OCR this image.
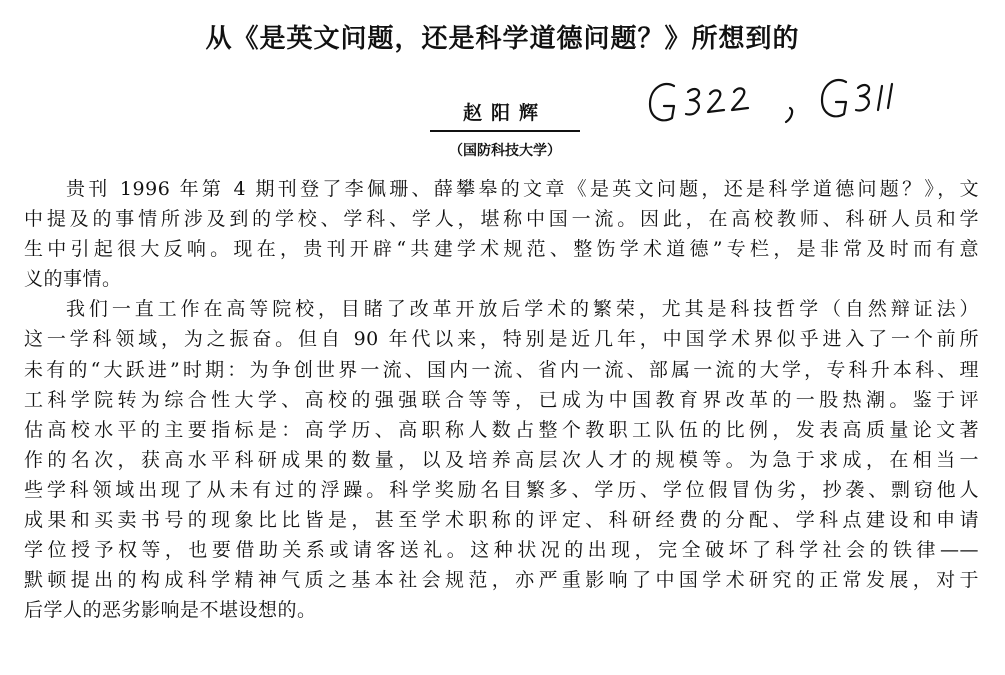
从《是英文问题，还是科学道德问题？》所想到的
赵阳辉
（国防科技大学）
贵刊 1996 年第 4 期刊登了李佩珊、薛攀皋的文章《是英文问题，还是科学道德问题？》，文
中提及的事情所涉及到的学校、学科、学人，堪称中国一流。因此，在高校教师、科研人员和学
生中引起很大反响。现在，贵刊开辟“共建学术规范、整饬学术道德”专栏，是非常及时而有意
义的事情。
我们一直工作在高等院校，目睹了改革开放后学术的繁荣，尤其是科技哲学（自然辩证法）
这一学科领域，为之振奋。但自 90 年代以来，特别是近几年，中国学术界似乎进入了一个前所
未有的“大跃进”时期：为争创世界一流、国内一流、省内一流、部属一流的大学，专科升本科、理
工科学院转为综合性大学、高校的强强联合等等，已成为中国教育界改革的一股热潮。鉴于评
估高校水平的主要指标是：高学历、高职称人数占整个教职工队伍的比例，发表高质量论文著
作的名次，获高水平科研成果的数量，以及培养高层次人才的规模等。为急于求成，在相当一
些学科领域出现了从未有过的浮躁。科学奖励名目繁多、学历、学位假冒伪劣，抄袭、剽窃他人
成果和买卖书号的现象比比皆是，甚至学术职称的评定、科研经费的分配、学科点建设和申请
学位授予权等，也要借助关系或请客送礼。这种状况的出现，完全破坏了科学社会的铁律——
默顿提出的构成科学精神气质之基本社会规范，亦严重影响了中国学术研究的正常发展，对于
后学人的恶劣影响是不堪设想的。
